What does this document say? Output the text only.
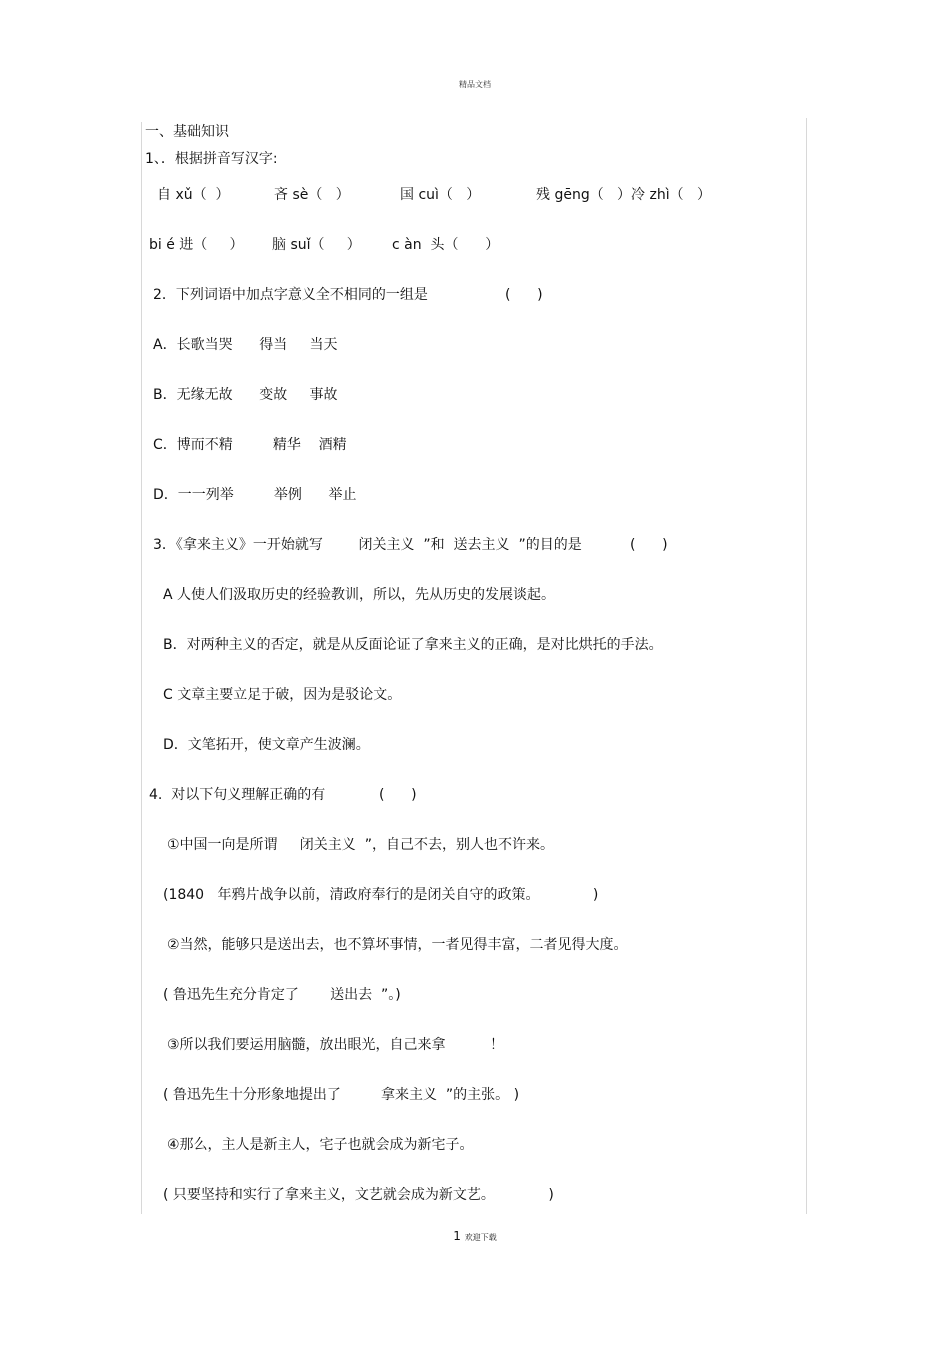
精品文档
一、基础知识
1、．根据拼音写汉字:
自 xǔ（  ）	吝 sè（   ）	国 cuì（   ）	残 gēng（   ）冷 zhì（   ）
bi é 进（     ） 脑 suǐ（     ） c àn  头（      ）
2．下列词语中加点字意义全不相同的一组是	(      )
A．长歌当哭      得当     当天
B．无缘无故      变故     事故
C．博而不精         精华    酒精
D．一一列举         举例      举止
3．《拿来主义》一开始就写        闭关主义  ”和  送去主义  ”的目的是	(      )
A 人使人们汲取历史的经验教训，所以，先从历史的发展谈起。
B．对两种主义的否定，就是从反面论证了拿来主义的正确，是对比烘托的手法。
C 文章主要立足于破，因为是驳论文。
D．文笔拓开，使文章产生波澜。
4.  对以下句义理解正确的有	(      )
①中国一向是所谓     闭关主义  ”，自己不去，别人也不许来。
(1840   年鸦片战争以前，清政府奉行的是闭关自守的政策。            )
②当然，能够只是送出去，也不算坏事情，一者见得丰富，二者见得大度。
( 鲁迅先生充分肯定了       送出去  ”。)
③所以我们要运用脑髓，放出眼光，自己来拿          ！
( 鲁迅先生十分形象地提出了         拿来主义  ”的主张。 )
④那么，主人是新主人，宅子也就会成为新宅子。
( 只要坚持和实行了拿来主义，文艺就会成为新文艺。            )
1 欢迎下载
